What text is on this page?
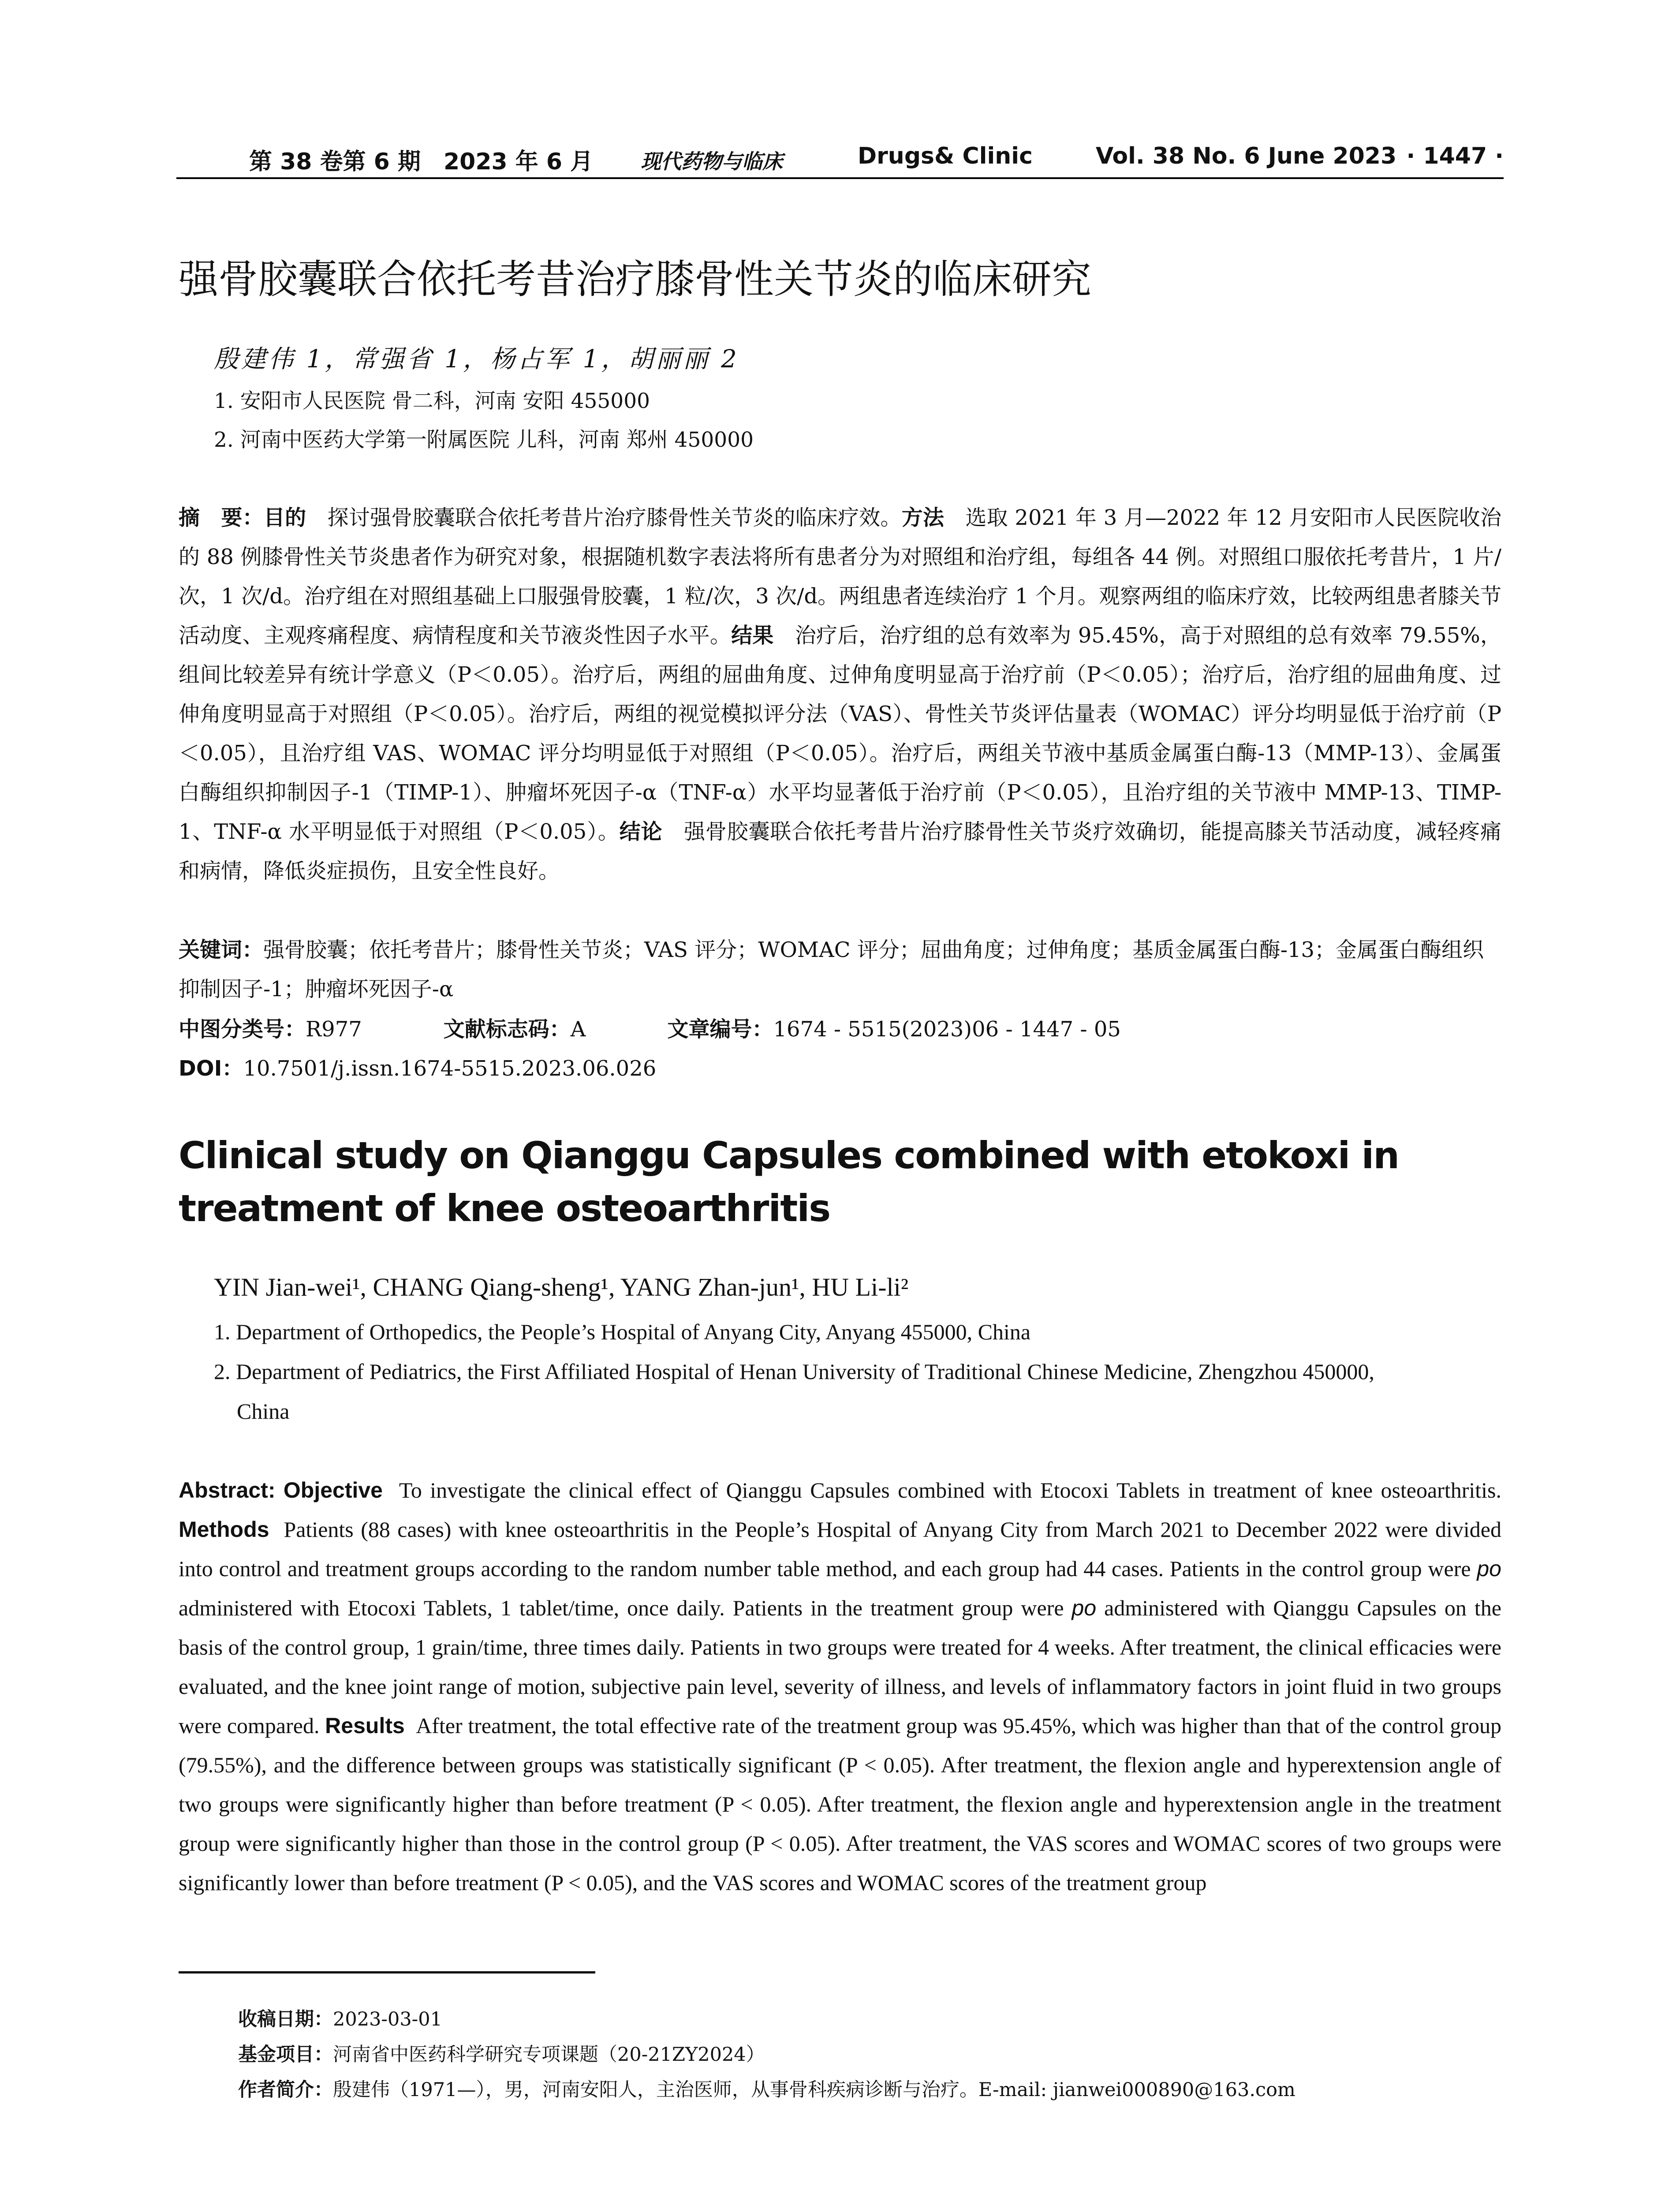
第 38 卷第 6 期　2023 年 6 月 现代药物与临床	Drugs& Clinic	Vol. 38 No. 6 June 2023 · 1447 ·
强骨胶囊联合依托考昔治疗膝骨性关节炎的临床研究
殷建伟 1，常强省 1，杨占军 1，胡丽丽 2
1. 安阳市人民医院 骨二科，河南 安阳 455000
2. 河南中医药大学第一附属医院 儿科，河南 郑州 450000
摘　要：目的　探讨强骨胶囊联合依托考昔片治疗膝骨性关节炎的临床疗效。方法　选取 2021 年 3 月—2022 年 12 月安阳市人民医院收治的 88 例膝骨性关节炎患者作为研究对象，根据随机数字表法将所有患者分为对照组和治疗组，每组各 44 例。对照组口服依托考昔片，1 片/次，1 次/d。治疗组在对照组基础上口服强骨胶囊，1 粒/次，3 次/d。两组患者连续治疗 1 个月。观察两组的临床疗效，比较两组患者膝关节活动度、主观疼痛程度、病情程度和关节液炎性因子水平。结果　治疗后，治疗组的总有效率为 95.45%，高于对照组的总有效率 79.55%，组间比较差异有统计学意义（P＜0.05）。治疗后，两组的屈曲角度、过伸角度明显高于治疗前（P＜0.05）；治疗后，治疗组的屈曲角度、过伸角度明显高于对照组（P＜0.05）。治疗后，两组的视觉模拟评分法（VAS）、骨性关节炎评估量表（WOMAC）评分均明显低于治疗前（P＜0.05），且治疗组 VAS、WOMAC 评分均明显低于对照组（P＜0.05）。治疗后，两组关节液中基质金属蛋白酶-13（MMP-13）、金属蛋白酶组织抑制因子-1（TIMP-1）、肿瘤坏死因子-α（TNF-α）水平均显著低于治疗前（P＜0.05），且治疗组的关节液中 MMP-13、TIMP-1、TNF-α 水平明显低于对照组（P＜0.05）。结论　强骨胶囊联合依托考昔片治疗膝骨性关节炎疗效确切，能提高膝关节活动度，减轻疼痛和病情，降低炎症损伤，且安全性良好。
关键词：强骨胶囊；依托考昔片；膝骨性关节炎；VAS 评分；WOMAC 评分；屈曲角度；过伸角度；基质金属蛋白酶-13；金属蛋白酶组织抑制因子-1；肿瘤坏死因子-α
中图分类号：R977	文献标志码：A	文章编号：1674 - 5515(2023)06 - 1447 - 05
DOI：10.7501/j.issn.1674-5515.2023.06.026
Clinical study on Qianggu Capsules combined with etokoxi in treatment of knee osteoarthritis
YIN Jian-wei¹, CHANG Qiang-sheng¹, YANG Zhan-jun¹, HU Li-li²
1. Department of Orthopedics, the People’s Hospital of Anyang City, Anyang 455000, China
2. Department of Pediatrics, the First Affiliated Hospital of Henan University of Traditional Chinese Medicine, Zhengzhou 450000,
China
Abstract: Objective To investigate the clinical effect of Qianggu Capsules combined with Etocoxi Tablets in treatment of knee osteoarthritis. Methods Patients (88 cases) with knee osteoarthritis in the People’s Hospital of Anyang City from March 2021 to December 2022 were divided into control and treatment groups according to the random number table method, and each group had 44 cases. Patients in the control group were po administered with Etocoxi Tablets, 1 tablet/time, once daily. Patients in the treatment group were po administered with Qianggu Capsules on the basis of the control group, 1 grain/time, three times daily. Patients in two groups were treated for 4 weeks. After treatment, the clinical efficacies were evaluated, and the knee joint range of motion, subjective pain level, severity of illness, and levels of inflammatory factors in joint fluid in two groups were compared. Results After treatment, the total effective rate of the treatment group was 95.45%, which was higher than that of the control group (79.55%), and the difference between groups was statistically significant (P < 0.05). After treatment, the flexion angle and hyperextension angle of two groups were significantly higher than before treatment (P < 0.05). After treatment, the flexion angle and hyperextension angle in the treatment group were significantly higher than those in the control group (P < 0.05). After treatment, the VAS scores and WOMAC scores of two groups were significantly lower than before treatment (P < 0.05), and the VAS scores and WOMAC scores of the treatment group
收稿日期：2023-03-01
基金项目：河南省中医药科学研究专项课题（20-21ZY2024）
作者简介：殷建伟（1971—），男，河南安阳人，主治医师，从事骨科疾病诊断与治疗。E-mail: jianwei000890@163.com
